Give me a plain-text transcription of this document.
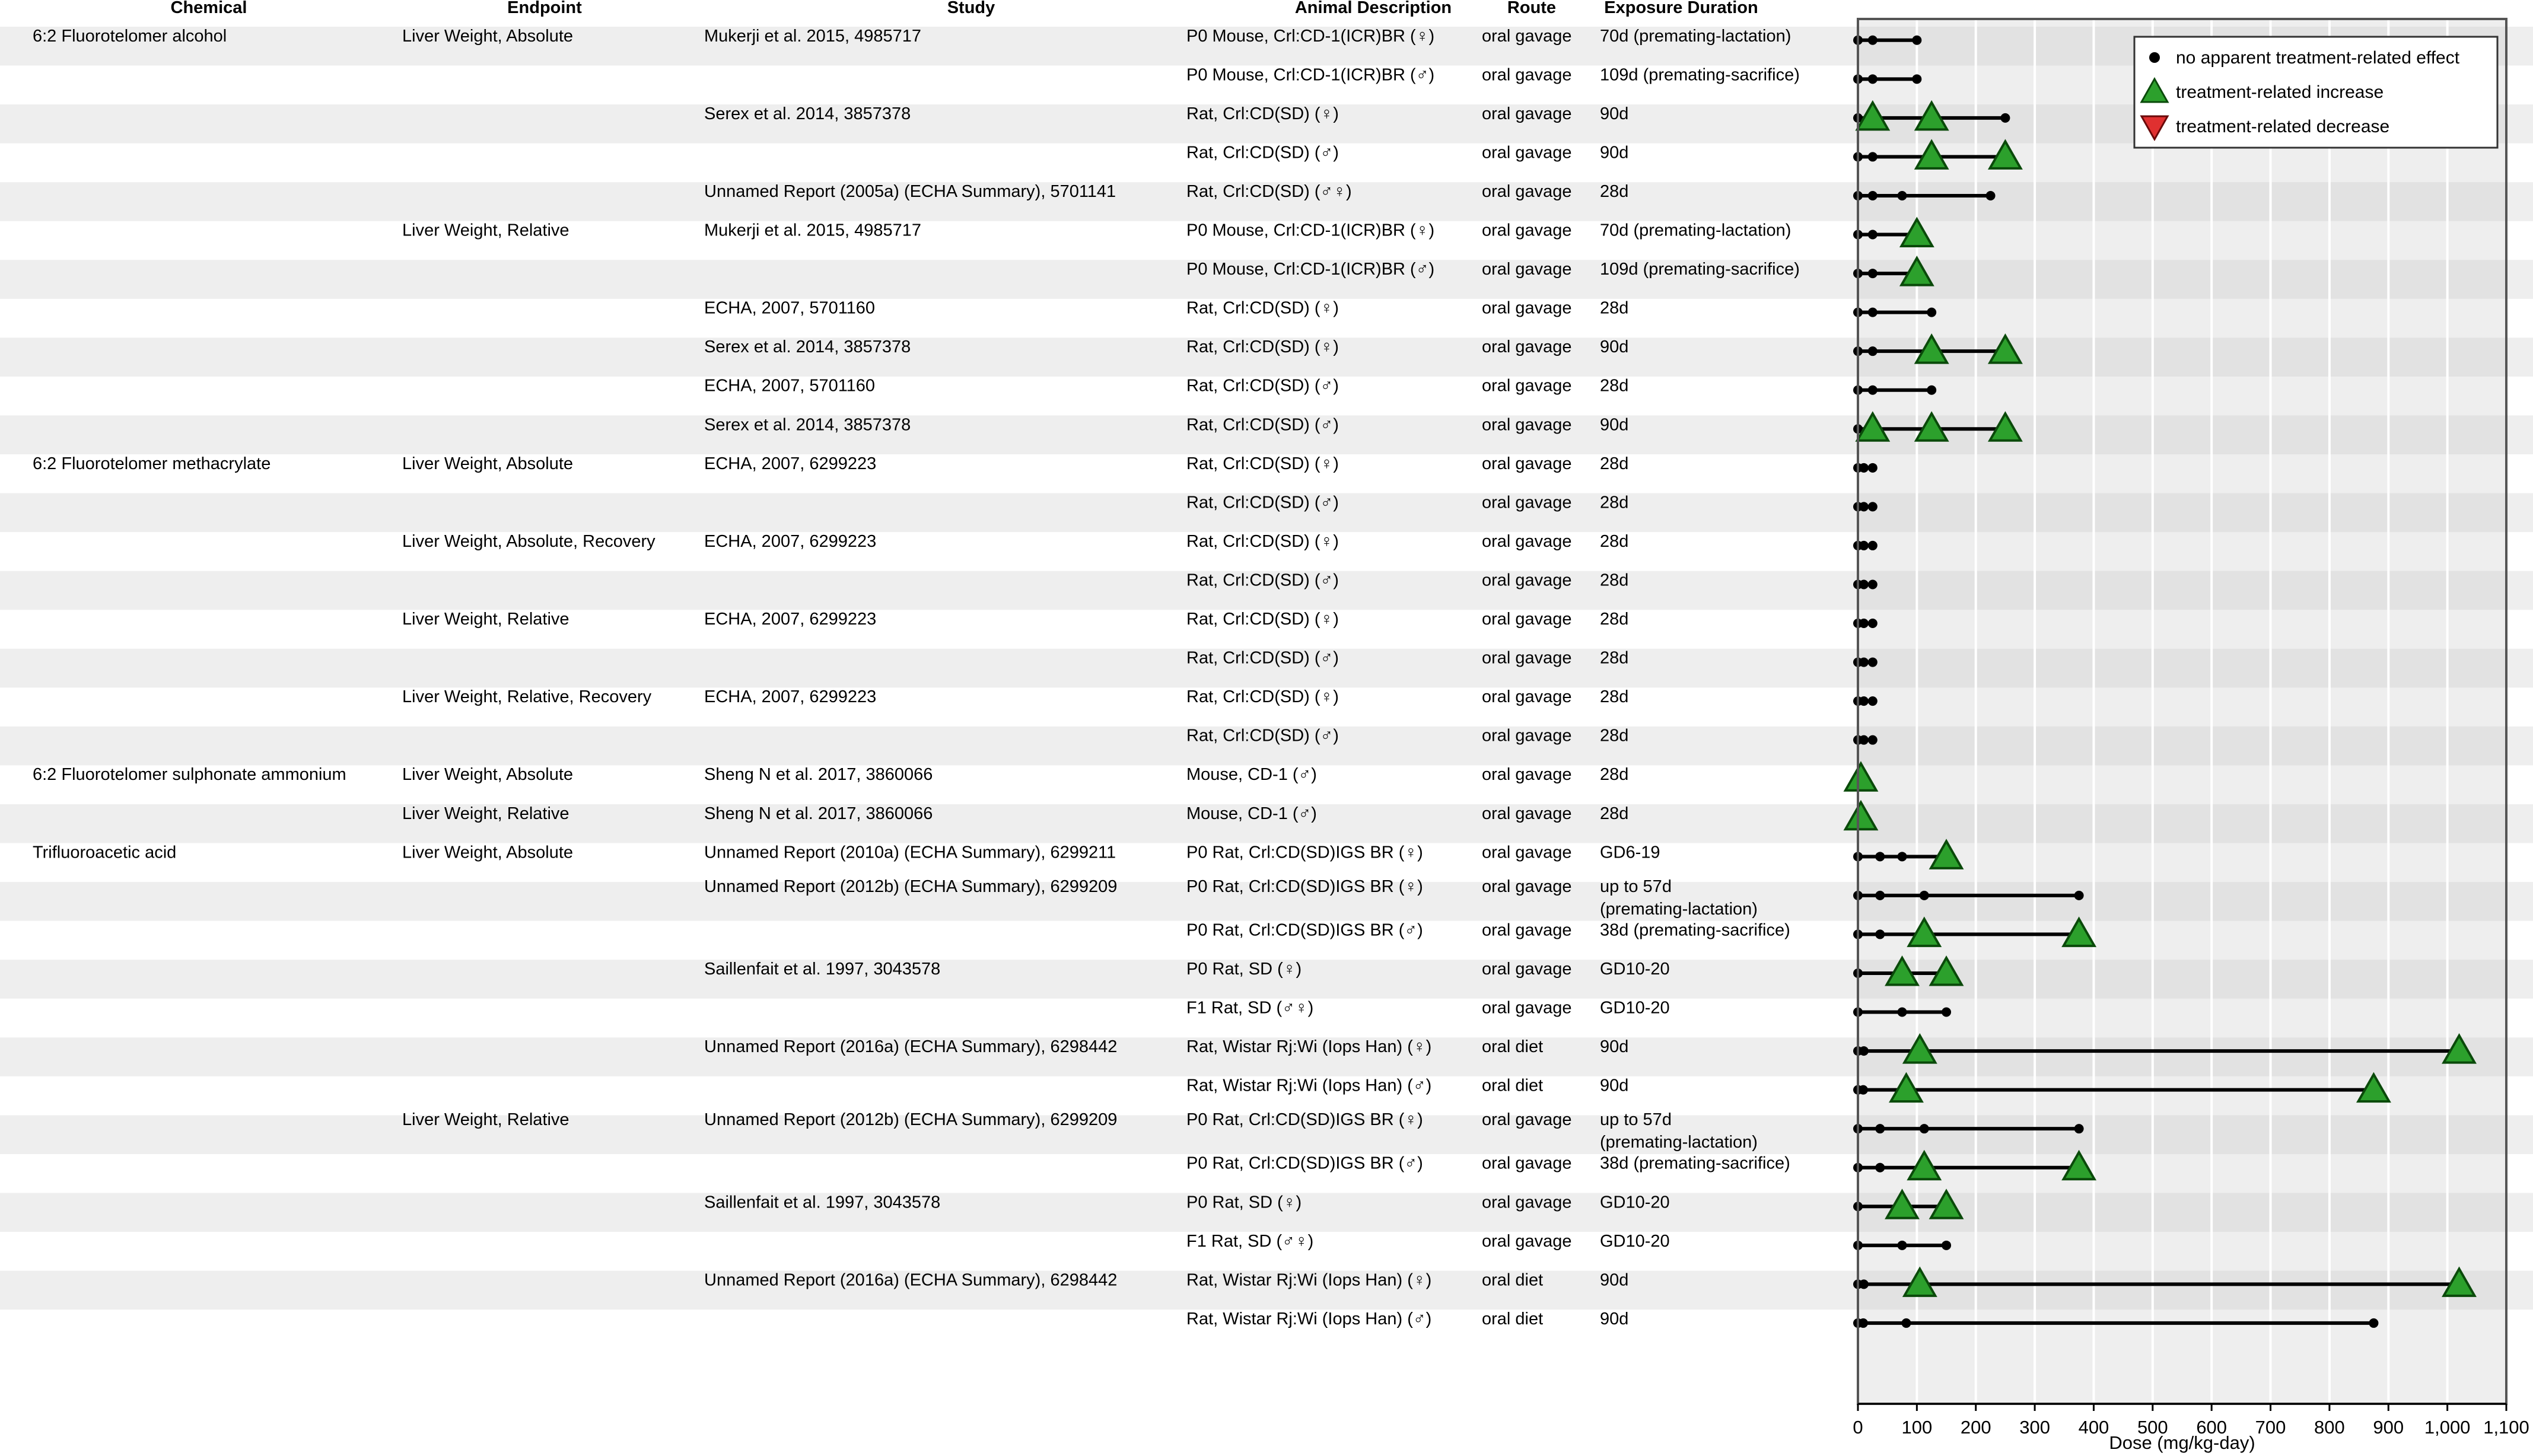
Chemical	Endpoint	Study	Animal Description	Route	Exposure Duration
6:2 Fluorotelomer alcohol	Liver Weight, Absolute	Mukerji et al. 2015, 4985717	P0 Mouse, Crl:CD-1(ICR)BR (♀)	oral gavage 70d (premating-lactation)
P0 Mouse, Crl:CD-1(ICR)BR (♂)	oral gavage 109d (premating-sacrifice)
Serex et al. 2014, 3857378	Rat, Crl:CD(SD) (♀)	oral gavage 90d
Rat, Crl:CD(SD) (♂)	oral gavage 90d
Unnamed Report (2005a) (ECHA Summary), 5701141	Rat, Crl:CD(SD) (♂♀)	oral gavage 28d
Liver Weight, Relative	Mukerji et al. 2015, 4985717	P0 Mouse, Crl:CD-1(ICR)BR (♀)	oral gavage 70d (premating-lactation)
P0 Mouse, Crl:CD-1(ICR)BR (♂)	oral gavage 109d (premating-sacrifice)
ECHA, 2007, 5701160	Rat, Crl:CD(SD) (♀)	oral gavage 28d
Serex et al. 2014, 3857378	Rat, Crl:CD(SD) (♀)	oral gavage 90d
ECHA, 2007, 5701160	Rat, Crl:CD(SD) (♂)	oral gavage 28d
Serex et al. 2014, 3857378	Rat, Crl:CD(SD) (♂)	oral gavage 90d
6:2 Fluorotelomer methacrylate	Liver Weight, Absolute	ECHA, 2007, 6299223	Rat, Crl:CD(SD) (♀)	oral gavage 28d
Rat, Crl:CD(SD) (♂)	oral gavage 28d
Liver Weight, Absolute, Recovery	ECHA, 2007, 6299223	Rat, Crl:CD(SD) (♀)	oral gavage 28d
Rat, Crl:CD(SD) (♂)	oral gavage 28d
Liver Weight, Relative	ECHA, 2007, 6299223	Rat, Crl:CD(SD) (♀)	oral gavage 28d
Rat, Crl:CD(SD) (♂)	oral gavage 28d
Liver Weight, Relative, Recovery	ECHA, 2007, 6299223	Rat, Crl:CD(SD) (♀)	oral gavage 28d
Rat, Crl:CD(SD) (♂)	oral gavage 28d
6:2 Fluorotelomer sulphonate ammonium	Liver Weight, Absolute	Sheng N et al. 2017, 3860066	Mouse, CD-1 (♂)	oral gavage 28d
Liver Weight, Relative	Sheng N et al. 2017, 3860066	Mouse, CD-1 (♂)	oral gavage 28d
Trifluoroacetic acid	Liver Weight, Absolute	Unnamed Report (2010a) (ECHA Summary), 6299211	P0 Rat, Crl:CD(SD)IGS BR (♀)	oral gavage GD6-19
Unnamed Report (2012b) (ECHA Summary), 6299209	P0 Rat, Crl:CD(SD)IGS BR (♀)	oral gavage up to 57d
(premating-lactation)
P0 Rat, Crl:CD(SD)IGS BR (♂)	oral gavage 38d (premating-sacrifice)
Saillenfait et al. 1997, 3043578	P0 Rat, SD (♀)	oral gavage GD10-20
F1 Rat, SD (♂♀)	oral gavage GD10-20
Unnamed Report (2016a) (ECHA Summary), 6298442	Rat, Wistar Rj:Wi (Iops Han) (♀)	oral diet	90d
Rat, Wistar Rj:Wi (Iops Han) (♂)	oral diet	90d
Liver Weight, Relative	Unnamed Report (2012b) (ECHA Summary), 6299209	P0 Rat, Crl:CD(SD)IGS BR (♀)	oral gavage up to 57d
(premating-lactation)
P0 Rat, Crl:CD(SD)IGS BR (♂)	oral gavage 38d (premating-sacrifice)
Saillenfait et al. 1997, 3043578	P0 Rat, SD (♀)	oral gavage GD10-20
F1 Rat, SD (♂♀)	oral gavage GD10-20
Unnamed Report (2016a) (ECHA Summary), 6298442	Rat, Wistar Rj:Wi (Iops Han) (♀)	oral diet	90d
Rat, Wistar Rj:Wi (Iops Han) (♂)	oral diet	90d
0 100 200 300 400 500 600 700 800 900 1,000 1,100
Dose (mg/kg-day)
no apparent treatment-related effect
treatment-related increase
treatment-related decrease
